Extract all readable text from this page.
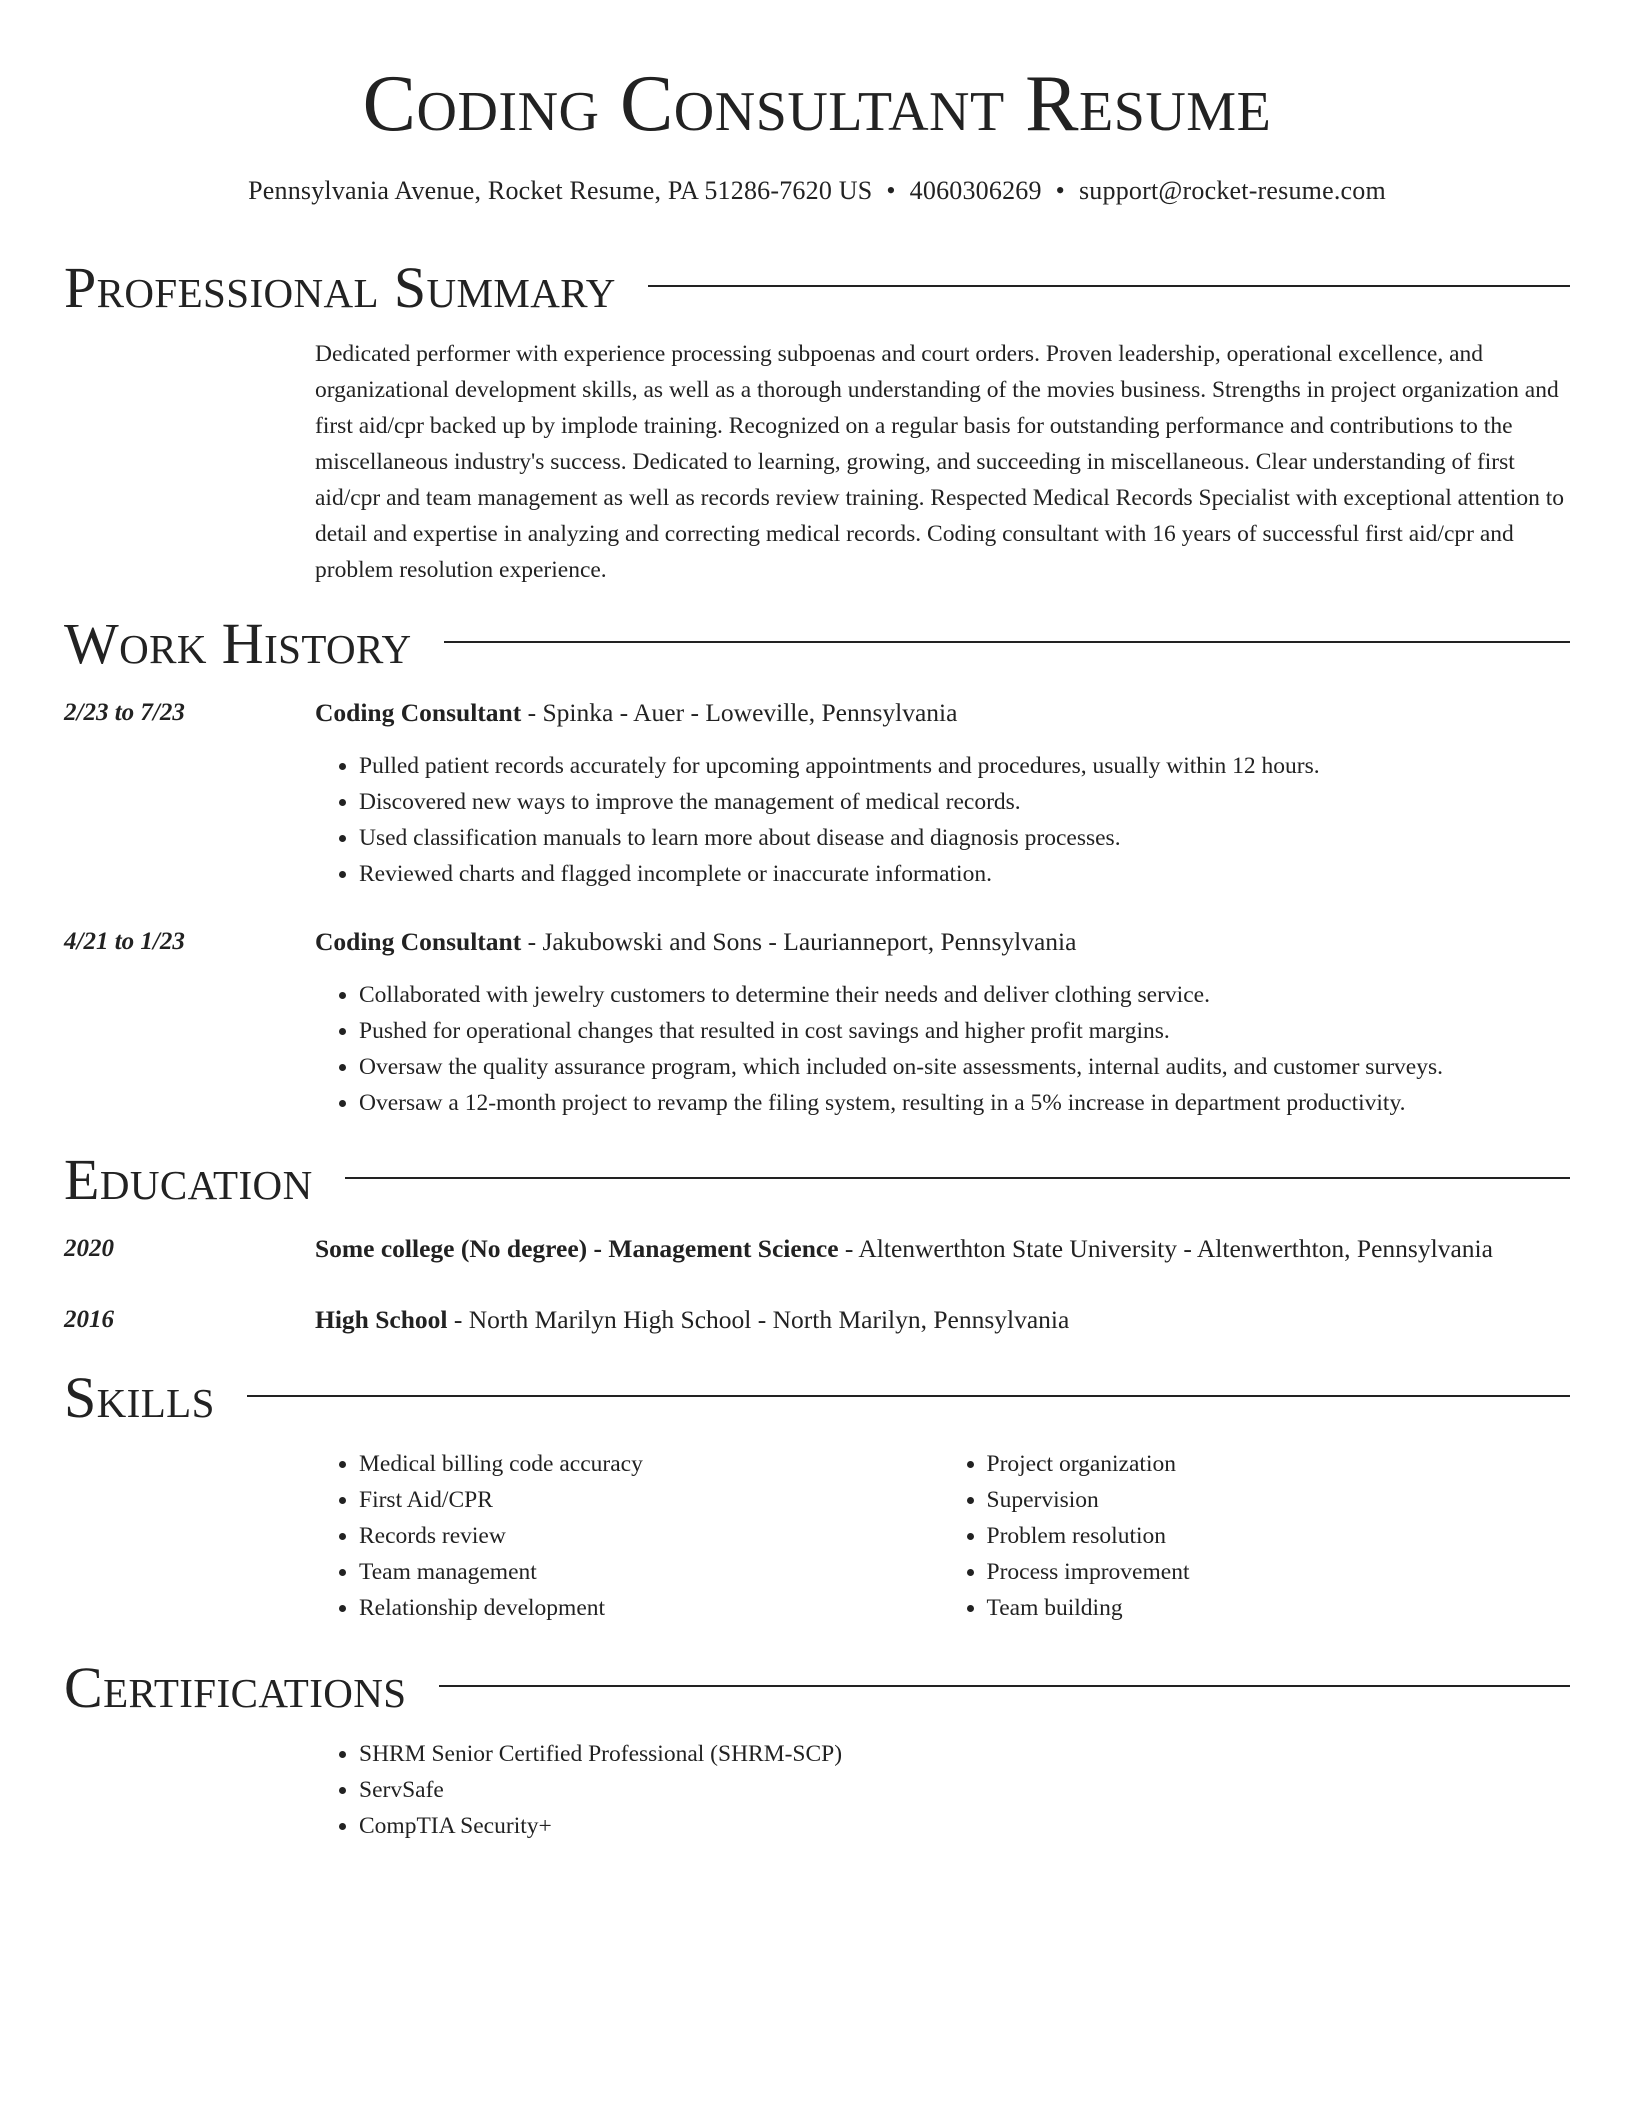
Coding Consultant Resume
Pennsylvania Avenue, Rocket Resume, PA 51286-7620 US • 4060306269 • support@rocket-resume.com
Professional Summary

Dedicated performer with experience processing subpoenas and court orders. Proven leadership, operational excellence, and organizational development skills, as well as a thorough understanding of the movies business. Strengths in project organization and first aid/cpr backed up by implode training. Recognized on a regular basis for outstanding performance and contributions to the miscellaneous industry's success. Dedicated to learning, growing, and succeeding in miscellaneous. Clear understanding of first aid/cpr and team management as well as records review training. Respected Medical Records Specialist with exceptional attention to detail and expertise in analyzing and correcting medical records. Coding consultant with 16 years of successful first aid/cpr and problem resolution experience.

Work History
2/23 to 7/23	Coding Consultant - Spinka - Auer - Loweville, Pennsylvania
• Pulled patient records accurately for upcoming appointments and procedures, usually within 12 hours.
• Discovered new ways to improve the management of medical records.
• Used classification manuals to learn more about disease and diagnosis processes.
• Reviewed charts and flagged incomplete or inaccurate information.
4/21 to 1/23	Coding Consultant - Jakubowski and Sons - Laurianneport, Pennsylvania
• Collaborated with jewelry customers to determine their needs and deliver clothing service.
• Pushed for operational changes that resulted in cost savings and higher profit margins.
• Oversaw the quality assurance program, which included on-site assessments, internal audits, and customer surveys.
• Oversaw a 12-month project to revamp the filing system, resulting in a 5% increase in department productivity.
Education
2020	Some college (No degree) - Management Science - Altenwerthton State University - Altenwerthton, Pennsylvania
2016	High School - North Marilyn High School - North Marilyn, Pennsylvania
Skills
• Medical billing code accuracy
• First Aid/CPR
• Records review
• Team management
• Relationship development
• Project organization
• Supervision
• Problem resolution
• Process improvement
• Team building
Certifications
• SHRM Senior Certified Professional (SHRM-SCP)
• ServSafe
• CompTIA Security+
